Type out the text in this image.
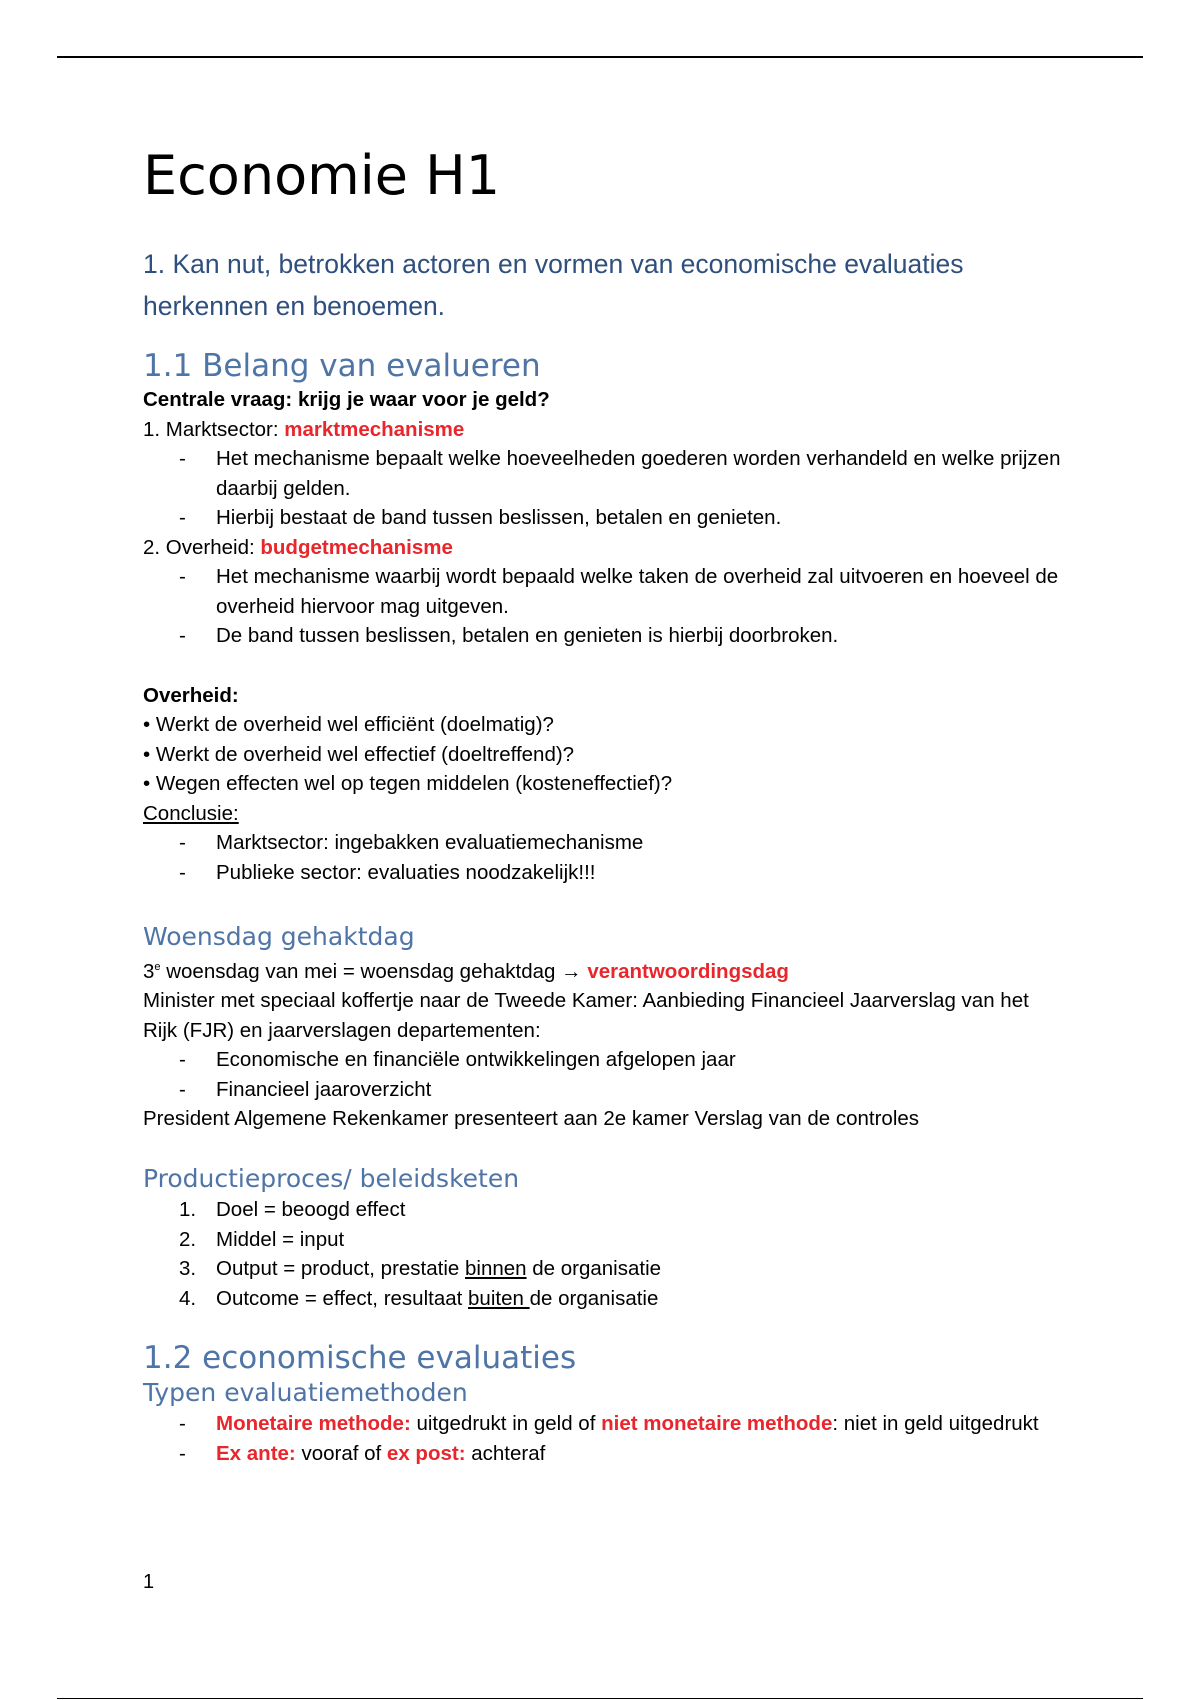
Economie H1

1. Kan nut, betrokken actoren en vormen van economische evaluaties herkennen en benoemen.

1.1 Belang van evalueren
Centrale vraag: krijg je waar voor je geld?
1. Marktsector: marktmechanisme
- Het mechanisme bepaalt welke hoeveelheden goederen worden verhandeld en welke prijzen daarbij gelden.
- Hierbij bestaat de band tussen beslissen, betalen en genieten.
2. Overheid: budgetmechanisme
- Het mechanisme waarbij wordt bepaald welke taken de overheid zal uitvoeren en hoeveel de overheid hiervoor mag uitgeven.
- De band tussen beslissen, betalen en genieten is hierbij doorbroken.
Overheid:
• Werkt de overheid wel efficiënt (doelmatig)?
• Werkt de overheid wel effectief (doeltreffend)?
• Wegen effecten wel op tegen middelen (kosteneffectief)?
Conclusie:
- Marktsector: ingebakken evaluatiemechanisme
- Publieke sector: evaluaties noodzakelijk!!!
Woensdag gehaktdag
3e woensdag van mei = woensdag gehaktdag → verantwoordingsdag
Minister met speciaal koffertje naar de Tweede Kamer: Aanbieding Financieel Jaarverslag van het Rijk (FJR) en jaarverslagen departementen:
- Economische en financiële ontwikkelingen afgelopen jaar
- Financieel jaaroverzicht
President Algemene Rekenkamer presenteert aan 2e kamer Verslag van de controles
Productieproces/ beleidsketen
1. Doel = beoogd effect
2. Middel = input
3. Output = product, prestatie binnen de organisatie
4. Outcome = effect, resultaat buiten de organisatie
1.2 economische evaluaties
Typen evaluatiemethoden
- Monetaire methode: uitgedrukt in geld of niet monetaire methode: niet in geld uitgedrukt
- Ex ante: vooraf of ex post: achteraf
1
